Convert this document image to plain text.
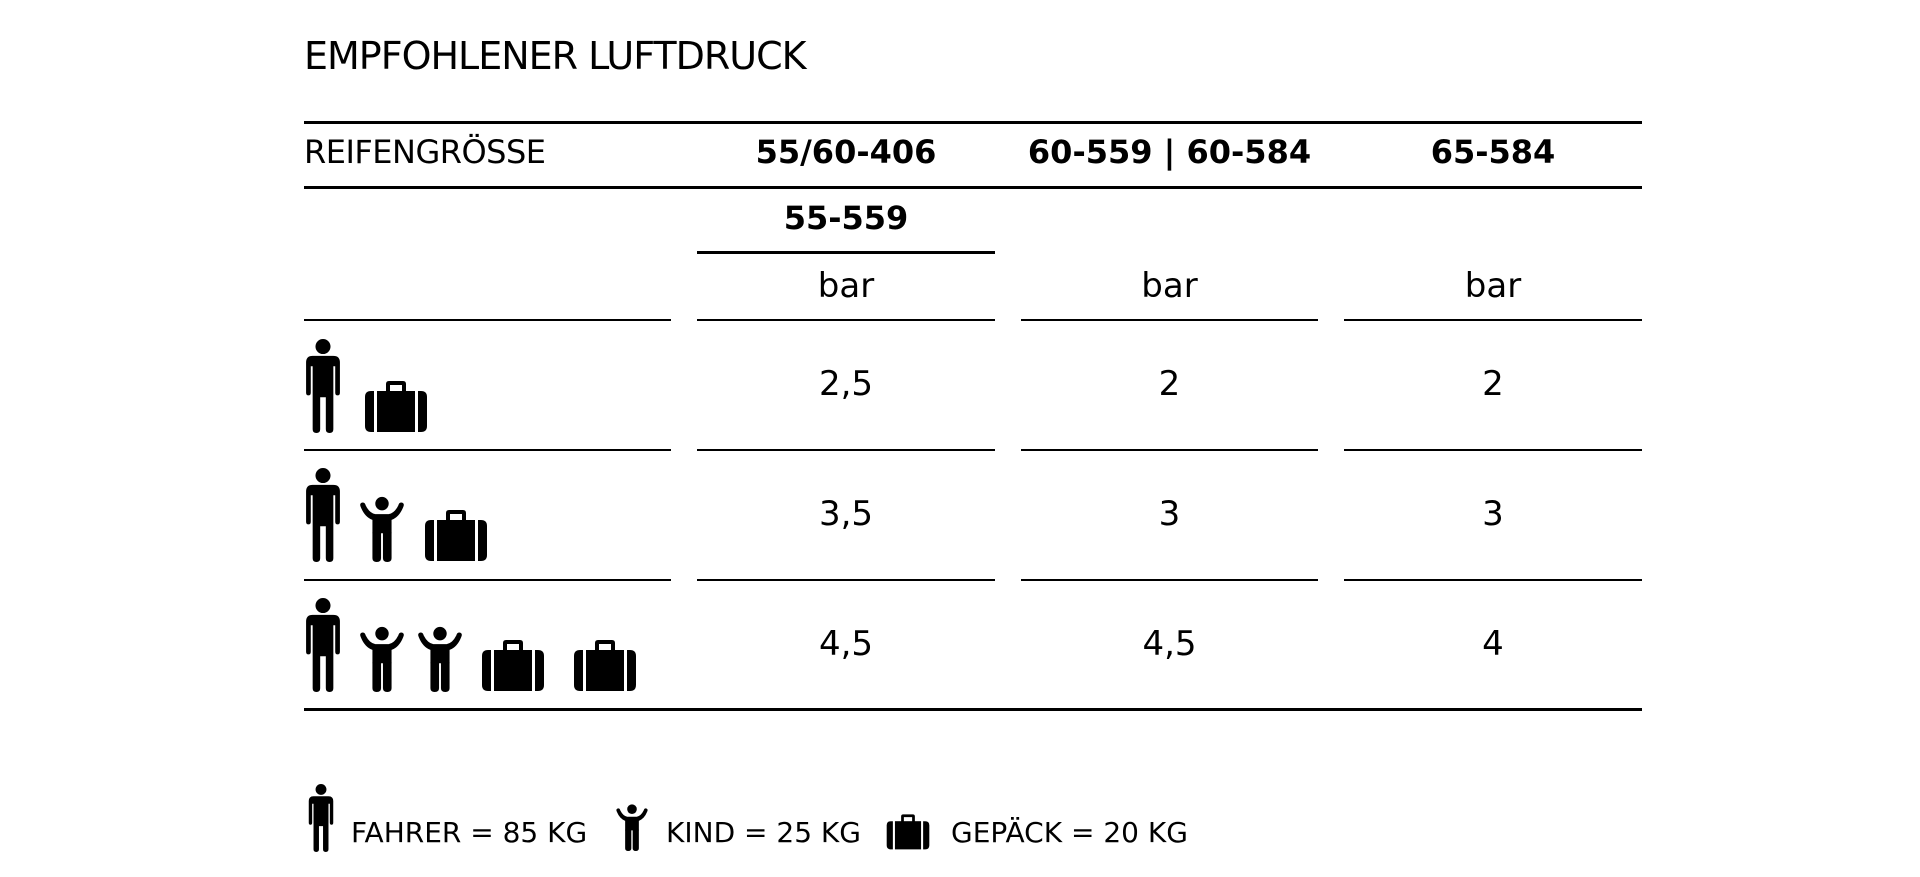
EMPFOHLENER LUFTDRUCK
REIFENGRÖSSE	55/60-406	60-559 | 60-584	65-584
55-559
bar	bar	bar
2,5	2	2
3,5	3	3
4,5	4,5	4
FAHRER = 85 KG	KIND = 25 KG	GEPÄCK = 20 KG
